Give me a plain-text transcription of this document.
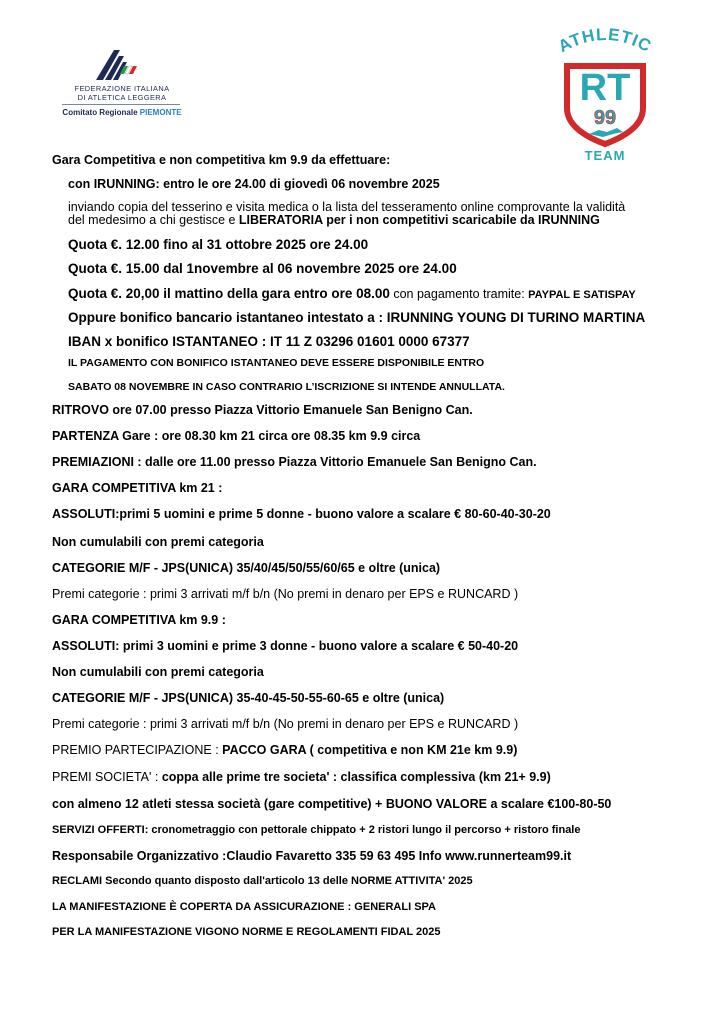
FEDERAZIONE ITALIANA
DI ATLETICA LEGGERA
Comitato Regionale PIEMONTE
ATHLETIC
RT
99
TEAM
Gara Competitiva e non competitiva km 9.9 da effettuare:
con IRUNNING: entro le ore 24.00 di giovedì 06 novembre 2025
inviando copia del tesserino e visita medica o la lista del tesseramento online comprovante la validità
del medesimo a chi gestisce e LIBERATORIA per i non competitivi scaricabile da IRUNNING
Quota €. 12.00 fino al 31 ottobre 2025 ore 24.00
Quota €. 15.00 dal 1novembre al 06 novembre 2025 ore 24.00
Quota €. 20,00 il mattino della gara entro ore 08.00 con pagamento tramite: PAYPAL E SATISPAY
Oppure bonifico bancario istantaneo intestato a : IRUNNING YOUNG DI TURINO MARTINA
IBAN x bonifico ISTANTANEO : IT 11 Z 03296 01601 0000 67377
IL PAGAMENTO CON BONIFICO ISTANTANEO DEVE ESSERE DISPONIBILE ENTRO
SABATO 08 NOVEMBRE IN CASO CONTRARIO L’ISCRIZIONE SI INTENDE ANNULLATA.
RITROVO ore 07.00 presso Piazza Vittorio Emanuele San Benigno Can.
PARTENZA Gare : ore 08.30 km 21 circa ore 08.35 km 9.9 circa
PREMIAZIONI : dalle ore 11.00 presso Piazza Vittorio Emanuele San Benigno Can.
GARA COMPETITIVA km 21 :
ASSOLUTI:primi 5 uomini e prime 5 donne - buono valore a scalare € 80-60-40-30-20
Non cumulabili con premi categoria
CATEGORIE M/F - JPS(UNICA) 35/40/45/50/55/60/65 e oltre (unica)
Premi categorie : primi 3 arrivati m/f b/n (No premi in denaro per EPS e RUNCARD )
GARA COMPETITIVA km 9.9 :
ASSOLUTI: primi 3 uomini e prime 3 donne - buono valore a scalare € 50-40-20
Non cumulabili con premi categoria
CATEGORIE M/F - JPS(UNICA) 35-40-45-50-55-60-65 e oltre (unica)
Premi categorie : primi 3 arrivati m/f b/n (No premi in denaro per EPS e RUNCARD )
PREMIO PARTECIPAZIONE : PACCO GARA ( competitiva e non KM 21e km 9.9)
PREMI SOCIETA' : coppa alle prime tre societa' : classifica complessiva (km 21+ 9.9)
con almeno 12 atleti stessa società (gare competitive) + BUONO VALORE a scalare €100-80-50
SERVIZI OFFERTI: cronometraggio con pettorale chippato + 2 ristori lungo il percorso + ristoro finale
Responsabile Organizzativo :Claudio Favaretto 335 59 63 495 Info www.runnerteam99.it
RECLAMI Secondo quanto disposto dall'articolo 13 delle NORME ATTIVITA' 2025
LA MANIFESTAZIONE È COPERTA DA ASSICURAZIONE : GENERALI SPA
PER LA MANIFESTAZIONE VIGONO NORME E REGOLAMENTI FIDAL 2025
